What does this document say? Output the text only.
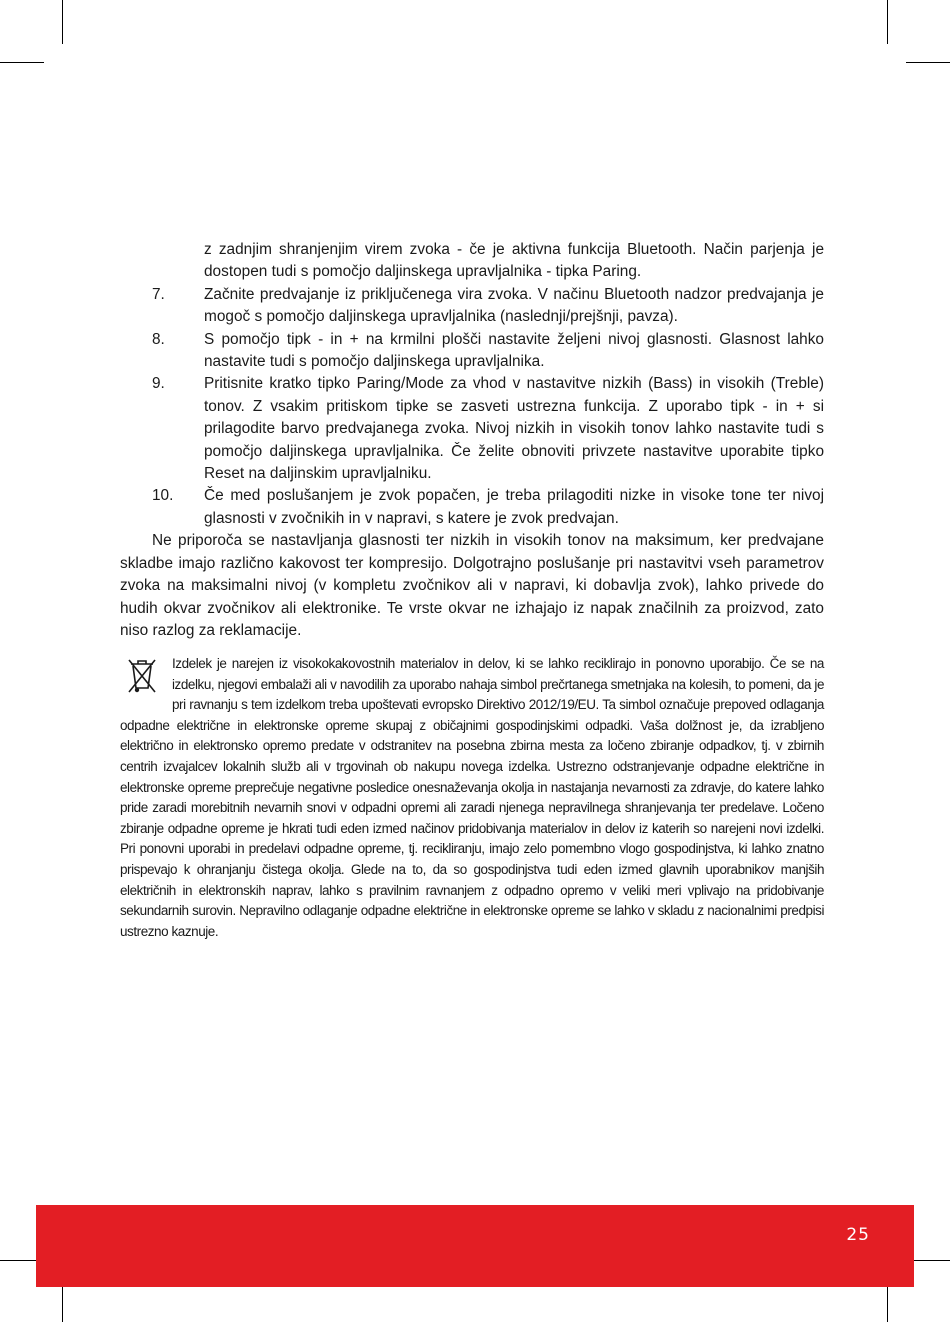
z zadnjim shranjenjim virem zvoka - če je aktivna funkcija Bluetooth. Način parjenja je dostopen tudi s pomočjo daljinskega upravljalnika - tipka Paring.
7.	Začnite predvajanje iz priključenega vira zvoka. V načinu Bluetooth nadzor predvajanja je mogoč s pomočjo daljinskega upravljalnika (naslednji/prejšnji, pavza).
8.	S pomočjo tipk - in + na krmilni plošči nastavite željeni nivoj glasnosti. Glasnost lahko nastavite tudi s pomočjo daljinskega upravljalnika.
9.	Pritisnite kratko tipko Paring/Mode za vhod v nastavitve nizkih (Bass) in visokih (Treble) tonov. Z vsakim pritiskom tipke se zasveti ustrezna funkcija. Z uporabo tipk - in + si prilagodite barvo predvajanega zvoka. Nivoj nizkih in visokih tonov lahko nastavite tudi s pomočjo daljinskega upravljalnika. Če želite obnoviti privzete nastavitve uporabite tipko Reset na daljinskim upravljalniku.
10. Če med poslušanjem je zvok popačen, je treba prilagoditi nizke in visoke tone ter nivoj glasnosti v zvočnikih in v napravi, s katere je zvok predvajan.

Ne priporoča se nastavljanja glasnosti ter nizkih in visokih tonov na maksimum, ker predvajane skladbe imajo različno kakovost ter kompresijo. Dolgotrajno poslušanje pri nastavitvi vseh parametrov zvoka na maksimalni nivoj (v kompletu zvočnikov ali v napravi, ki dobavlja zvok), lahko privede do hudih okvar zvočnikov ali elektronike. Te vrste okvar ne izhajajo iz napak značilnih za proizvod, zato niso razlog za reklamacije.

Izdelek je narejen iz visokokakovostnih materialov in delov, ki se lahko reciklirajo in ponovno uporabijo. Če se na izdelku, njegovi embalaži ali v navodilih za uporabo nahaja simbol prečrtanega smetnjaka na kolesih, to pomeni, da je pri ravnanju s tem izdelkom treba upoštevati evropsko Direktivo 2012/19/EU. Ta simbol označuje prepoved odlaganja odpadne električne in elektronske opreme skupaj z običajnimi gospodinjskimi odpadki. Vaša dolžnost je, da izrabljeno električno in elektronsko opremo predate v odstranitev na posebna zbirna mesta za ločeno zbiranje odpadkov, tj. v zbirnih centrih izvajalcev lokalnih služb ali v trgovinah ob nakupu novega izdelka. Ustrezno odstranjevanje odpadne električne in elektronske opreme preprečuje negativne posledice onesnaževanja okolja in nastajanja nevarnosti za zdravje, do katere lahko pride zaradi morebitnih nevarnih snovi v odpadni opremi ali zaradi njenega nepravilnega shranjevanja ter predelave. Ločeno zbiranje odpadne opreme je hkrati tudi eden izmed načinov pridobivanja materialov in delov iz katerih so narejeni novi izdelki. Pri ponovni uporabi in predelavi odpadne opreme, tj. recikliranju, imajo zelo pomembno vlogo gospodinjstva, ki lahko znatno prispevajo k ohranjanju čistega okolja. Glede na to, da so gospodinjstva tudi eden izmed glavnih uporabnikov manjših električnih in elektronskih naprav, lahko s pravilnim ravnanjem z odpadno opremo v veliki meri vplivajo na pridobivanje sekundarnih surovin. Nepravilno odlaganje odpadne električne in elektronske opreme se lahko v skladu z nacionalnimi predpisi ustrezno kaznuje.
25
